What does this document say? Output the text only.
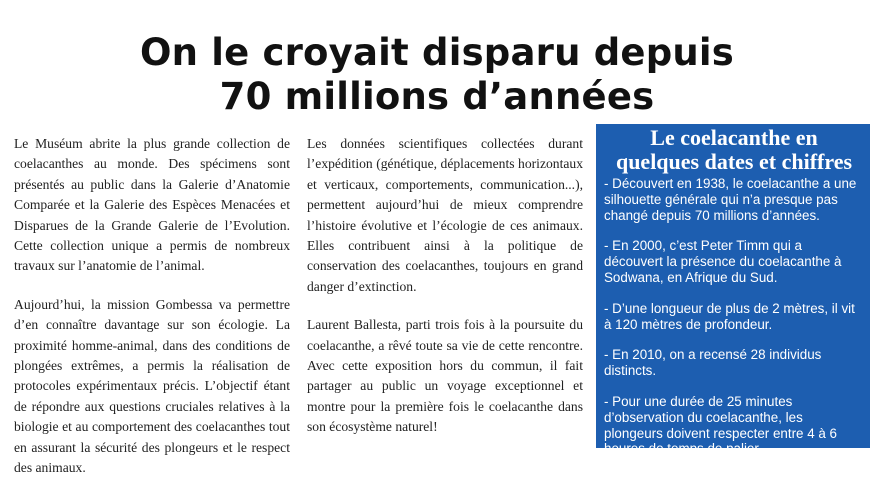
On le croyait disparu depuis
70 millions d’années

Le Muséum abrite la plus grande collection de coelacanthes au monde. Des spécimens sont présentés au public dans la Galerie d’Anatomie Comparée et la Galerie des Espèces Menacées et Disparues de la Grande Galerie de l’Evolution. Cette collection unique a permis de nombreux travaux sur l’anatomie de l’animal.

Aujourd’hui, la mission Gombessa va permettre d’en connaître davantage sur son écologie. La proximité homme-animal, dans des conditions de plongées extrêmes, a permis la réalisation de protocoles expérimentaux précis. L’objectif étant de répondre aux questions cruciales relatives à la biologie et au comportement des coelacanthes tout en assurant la sécurité des plongeurs et le respect des animaux.

Les données scientifiques collectées durant l’expédition (génétique, déplacements horizontaux et verticaux, comportements, communication...), permettent aujourd’hui de mieux comprendre l’histoire évolutive et l’écologie de ces animaux. Elles contribuent ainsi à la politique de conservation des coelacanthes, toujours en grand danger d’extinction.

Laurent Ballesta, parti trois fois à la poursuite du coelacanthe, a rêvé toute sa vie de cette rencontre. Avec cette exposition hors du commun, il fait partager au public un voyage exceptionnel et montre pour la première fois le coelacanthe dans son écosystème naturel!

Le coelacanthe en
quelques dates et chiffres
- Découvert en 1938, le coelacanthe a une silhouette générale qui n’a presque pas changé depuis 70 millions d’années.
- En 2000, c’est Peter Timm qui a découvert la présence du coelacanthe à Sodwana, en Afrique du Sud.
- D’une longueur de plus de 2 mètres, il vit à 120 mètres de profondeur.
- En 2010, on a recensé 28 individus distincts.
- Pour une durée de 25 minutes d’observation du coelacanthe, les plongeurs doivent respecter entre 4 à 6 heures de temps de palier.
